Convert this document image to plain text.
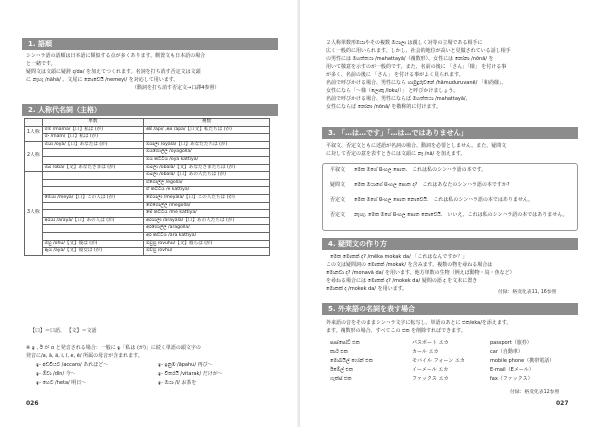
1. 語順
シンハラ語の語順は日本語に類似する点が多くあります。側置文も日本語の場合
と一緒です。
疑問文は文頭に疑辞 ද/da/ を加えてつくれます。名詞を打ち消す否定文は文頭
に නැහැ /nähä/ 、文尾に නොවෙයි /nemeyi/ を対応して用います。
（動詞を打ち消す否定文→口譯4参照）
2. 人称代名詞（主格）
	単数	複数
1人称	මම /mama/【口】私は (が)	අපි /api/ ,අප /apa/【口文】私たちは (が)
	මං /mam/【口】私は (が)	
2人称	ඔයා /oyā/【口】あなたは (が)	ඔයාලා /oyālā/【口】あなたたちは (が)
		ඔයගොල්ල /oyagolla/
		ඔය කට්ටිය /oya kattiya/
	ඔබ /oba/【文】あなたさまは (が)	ඔබලා /obalā/【文】あなたさまたちは (が)
3人称		ඔබලා /obalā/【口】あの人たちは (が)
		එගොල්ල /egolla/
		ඒ කට්ටිය /ē kattiya/
	මෙයා /meyā/【口】この人は (が)	මෙයාලා /meyālā/【口】この人たちは (が)
		මෙගොල්ල /megolla/
		මේ කට්ටිය /mē kattiya/
	අරයා /arayā/【口】あの人は (が)	අරයාලා /arayālā/【口】あの人たちは (が)
		අරගොල්ල /aragolla/
		අර කට්ටිය /ara kattiya/
	ඔහු /ohu/【文】彼は (が)	ඔවුහු /ovuhu/【文】彼らは (が)
	ඇය /äya/【文】彼女は (が)	ඔව්හු /ovhu/
【口】＝口語、 【文】＝文語
※ ඉ , ඊ が ɑ と発音される場合：一般に ඉ「私は (が)」に続く単語の頭文字の
発音に/a, ā, ä, i, ī, e, ē/ 所属の母音が含まれます。
ඉ- අඩවියට /accaro/ あれほど～
ඉ- ඕවා /dīn/ 今～
ඉ- හෙට /heta/ 明日～
ඉ- ඉනුඹ /āpahu/ 再び～
ඉ- විතරයි /vitarak/ だけが～
ඉ- ඔයා /ī/ お茶を
026
２人称単数形ඔයාやその複数 ඔයාලා は親しく対等の立場である相手に
広く一般的に用いられます。しかし、社会的地位が高いと見做されている話し相手
の男性には මහත්තයා /mahattayā/（複数形）、女性には නෝනා /nōnā/ を
用いて敬意を示すのが一般的です。また、名前の後に 「さん」「様」 を付ける事
が多く、名前の後に 「さん」 を付ける事がよく見られます。
名前で呼びかける場合、男性になら හාමුදුරුවනේ /hāmuduruvanē/ 「和尚様」、
女性になら「～様（ලොකු /loku/）」 と呼びかけましょう。
名前で呼びかける場合、男性にならば මහත්තයා /mahattayā/、
女性にならば නෝනා /nōnā/ を敬称的に付けます。
3. 「…は…です」「…は…ではありません」
平叙文、否定文ともに述語が名詞の場合、動詞を必要としません。また、疑問文
に対して否定の意を表すときには文頭に නෑ /nä/ を加えます。
平叙文 මෙක මගේ සිංහල පොත.　これは私のシンハラ語の本です。
疑問文 මෙක ඔයාගේ සිංහල පොත ද?　これはあなたのシンハラ語の本ですか?
否定文 මෙක මගේ සිංහල පොත නොවෙයි.　これは私のシンハラ語の本ではありません。
否定文 නැහැ. මෙක මගේ සිංහල පොත නොවෙයි.　いいえ、これは私のシンハラ語の本ではありません。
4. 疑問文の作り方
මෙක මොකක් ද? /mēka mokak da/ 「これはなんですか？」
この文は疑問詞の මොකක් /mokak/ を含みます。複数の物を尋ねる場合は
මොනවා ද? /monavā da/ を用います。他方単数の生物（例えば動物・鳥・魚など）
を尋ねる場合には මොකක් ද? /mokek da/ 疑問の語 ද を文末に置き
මොකක් ද /mokek da/ を用います。
付録：格変化表11, 16参照
5. 外来語の名詞を表す場合
外来語の音をそのままシンハラ文字に転写し、単語のあとに එක/eka/を添えます。
ます。複数形の場合、すべてこの එක を削除すればできます。
පාස්පෝට් එක	パスポート エカ	passport（旅券）
කාර් එක	カール エカ	car（自動車）
මොබයිල් ෆෝන් එක	モバイル フォーン エカ	mobile phone（携帯電話）
ඊමේල් එක	イーメール エカ	E-mail（Eメール）
ෆැක්ස් එක	ファックス エカ	fax（ファックス）
付録：格変化表12参照
027
